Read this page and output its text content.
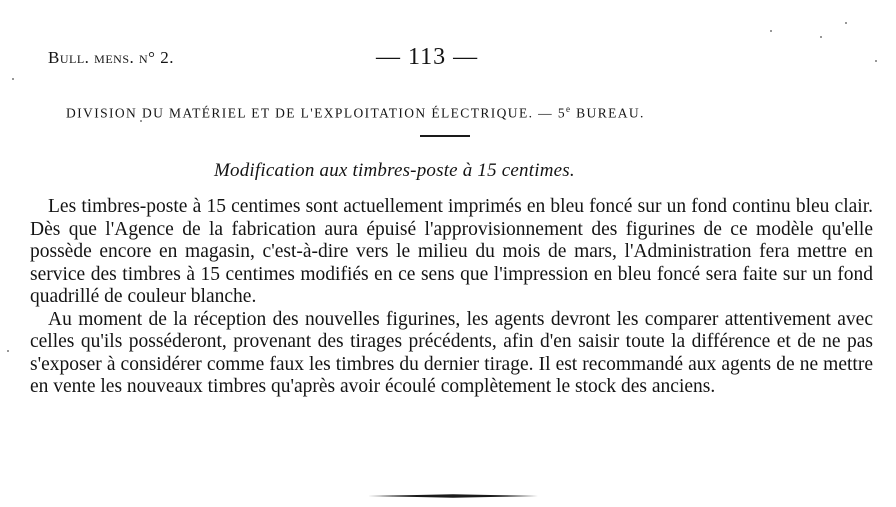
Bull. mens. n° 2.	— 113 —
DIVISION DU MATÉRIEL ET DE L'EXPLOITATION ÉLECTRIQUE. — 5e BUREAU.
Modification aux timbres-poste à 15 centimes.

Les timbres-poste à 15 centimes sont actuellement imprimés en bleu foncé sur un fond continu bleu clair. Dès que l'Agence de la fabrication aura épuisé l'approvisionnement des figurines de ce modèle qu'elle possède encore en magasin, c'est-à-dire vers le milieu du mois de mars, l'Administration fera mettre en service des timbres à 15 centimes modifiés en ce sens que l'impression en bleu foncé sera faite sur un fond quadrillé de couleur blanche.

Au moment de la réception des nouvelles figurines, les agents devront les comparer attentivement avec celles qu'ils posséderont, provenant des tirages précédents, afin d'en saisir toute la différence et de ne pas s'exposer à considérer comme faux les timbres du dernier tirage. Il est recommandé aux agents de ne mettre en vente les nouveaux timbres qu'après avoir écoulé complètement le stock des anciens.
